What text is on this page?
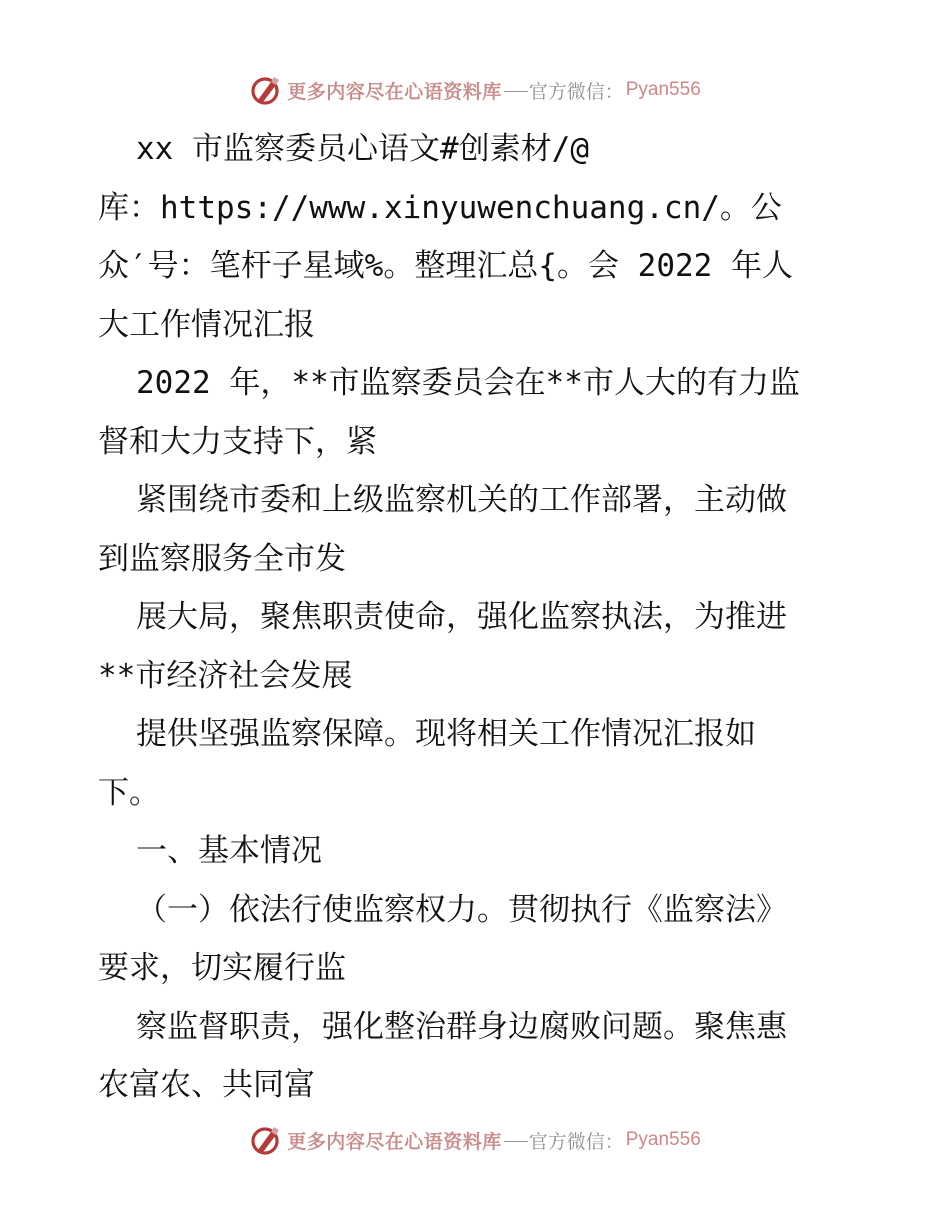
更多内容尽在心语资料库 官方微信： Pyan556

xx 市监察委员心语文#创素材/@

库：https://www.xinyuwenchuang.cn/。公

众′号：笔杆子星域%。整理汇总{。会 2022 年人

大工作情况汇报

2022 年，**市监察委员会在**市人大的有力监

督和大力支持下，紧

紧围绕市委和上级监察机关的工作部署，主动做

到监察服务全市发

展大局，聚焦职责使命，强化监察执法，为推进

**市经济社会发展

提供坚强监察保障。现将相关工作情况汇报如

下。

一、基本情况

（一）依法行使监察权力。贯彻执行《监察法》

要求，切实履行监

察监督职责，强化整治群身边腐败问题。聚焦惠

农富农、共同富

更多内容尽在心语资料库 官方微信： Pyan556
